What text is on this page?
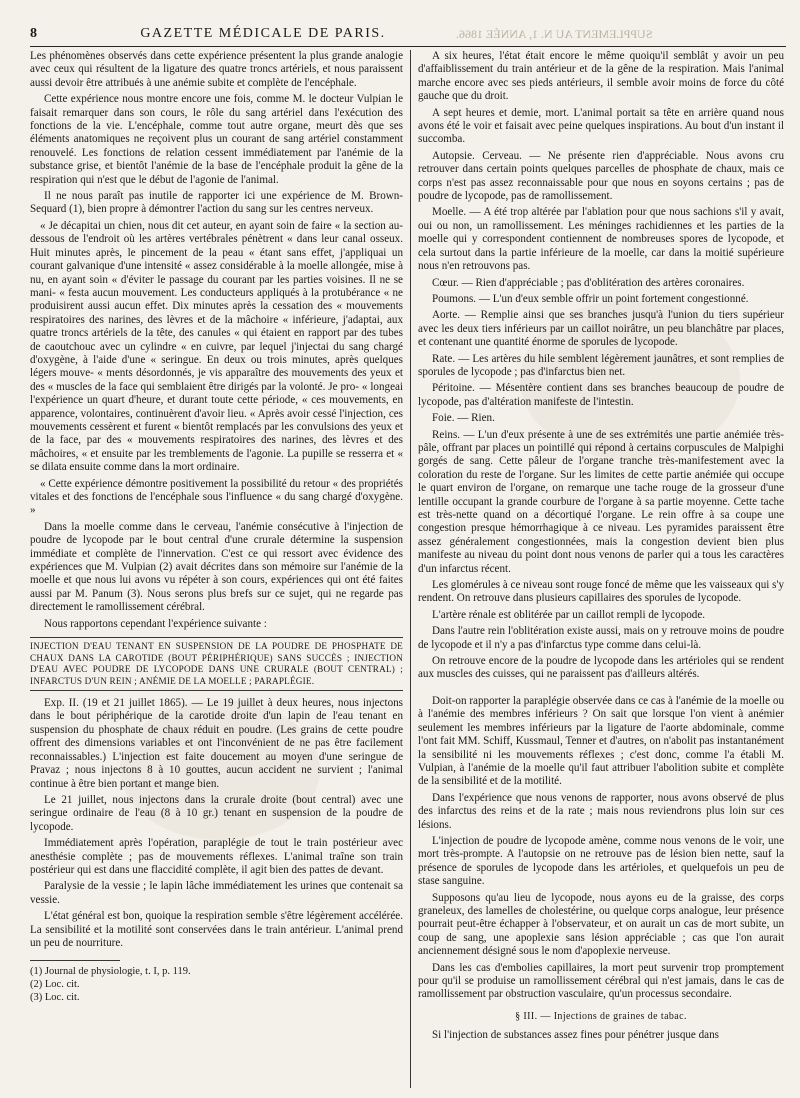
8	GAZETTE MÉDICALE DE PARIS.	SUPPLEMENT AU N. 1, ANNÉE 1866.

Les phénomènes observés dans cette expérience présentent la plus grande analogie avec ceux qui résultent de la ligature des quatre troncs artériels, et nous paraissent aussi devoir être attribués à une anémie subite et complète de l'encéphale.

Cette expérience nous montre encore une fois, comme M. le docteur Vulpian le faisait remarquer dans son cours, le rôle du sang artériel dans l'exécution des fonctions de la vie. L'encéphale, comme tout autre organe, meurt dès que ses éléments anatomiques ne reçoivent plus un courant de sang artériel constamment renouvelé. Les fonctions de relation cessent immédiatement par l'anémie de la substance grise, et bientôt l'anémie de la base de l'encéphale produit la gêne de la respiration qui n'est que le début de l'agonie de l'animal.

Il ne nous paraît pas inutile de rapporter ici une expérience de M. Brown-Sequard (1), bien propre à démontrer l'action du sang sur les centres nerveux.

« Je décapitai un chien, nous dit cet auteur, en ayant soin de faire « la section au-dessous de l'endroit où les artères vertébrales pénètrent « dans leur canal osseux. Huit minutes après, le pincement de la peau « étant sans effet, j'appliquai un courant galvanique d'une intensité « assez considérable à la moelle allongée, mise à nu, en ayant soin « d'éviter le passage du courant par les parties voisines. Il ne se mani- « festa aucun mouvement. Les conducteurs appliqués à la protubérance « ne produisirent aussi aucun effet. Dix minutes après la cessation des « mouvements respiratoires des narines, des lèvres et de la mâchoire « inférieure, j'adaptai, aux quatre troncs artériels de la tête, des canules « qui étaient en rapport par des tubes de caoutchouc avec un cylindre « en cuivre, par lequel j'injectai du sang chargé d'oxygène, à l'aide d'une « seringue. En deux ou trois minutes, après quelques légers mouve- « ments désordonnés, je vis apparaître des mouvements des yeux et des « muscles de la face qui semblaient être dirigés par la volonté. Je pro- « longeai l'expérience un quart d'heure, et durant toute cette période, « ces mouvements, en apparence, volontaires, continuèrent d'avoir lieu. « Après avoir cessé l'injection, ces mouvements cessèrent et furent « bientôt remplacés par les convulsions des yeux et de la face, par des « mouvements respiratoires des narines, des lèvres et des mâchoires, « et ensuite par les tremblements de l'agonie. La pupille se resserra et « se dilata ensuite comme dans la mort ordinaire.

« Cette expérience démontre positivement la possibilité du retour « des propriétés vitales et des fonctions de l'encéphale sous l'influence « du sang chargé d'oxygène. »

Dans la moelle comme dans le cerveau, l'anémie consécutive à l'injection de poudre de lycopode par le bout central d'une crurale détermine la suspension immédiate et complète de l'innervation. C'est ce qui ressort avec évidence des expériences que M. Vulpian (2) avait décrites dans son mémoire sur l'anémie de la moelle et que nous lui avons vu répéter à son cours, expériences qui ont été faites aussi par M. Panum (3). Nous serons plus brefs sur ce sujet, qui ne regarde pas directement le ramollissement cérébral.

Nous rapportons cependant l'expérience suivante :

INJECTION D'EAU TENANT EN SUSPENSION DE LA POUDRE DE PHOSPHATE DE CHAUX DANS LA CAROTIDE (BOUT PÉRIPHÉRIQUE) SANS SUCCÈS ; INJECTION D'EAU AVEC POUDRE DE LYCOPODE DANS UNE CRURALE (BOUT CENTRAL) ; INFARCTUS D'UN REIN ; ANÉMIE DE LA MOELLE ; PARAPLÉGIE.

Exp. II. (19 et 21 juillet 1865). — Le 19 juillet à deux heures, nous injectons dans le bout périphérique de la carotide droite d'un lapin de l'eau tenant en suspension du phosphate de chaux réduit en poudre. (Les grains de cette poudre offrent des dimensions variables et ont l'inconvénient de ne pas être facilement reconnaissables.) L'injection est faite doucement au moyen d'une seringue de Pravaz ; nous injectons 8 à 10 gouttes, aucun accident ne survient ; l'animal continue à être bien portant et mange bien.

Le 21 juillet, nous injectons dans la crurale droite (bout central) avec une seringue ordinaire de l'eau (8 à 10 gr.) tenant en suspension de la poudre de lycopode.

Immédiatement après l'opération, paraplégie de tout le train postérieur avec anesthésie complète ; pas de mouvements réflexes. L'animal traîne son train postérieur qui est dans une flaccidité complète, il agit bien des pattes de devant.

Paralysie de la vessie ; le lapin lâche immédiatement les urines que contenait sa vessie.

L'état général est bon, quoique la respiration semble s'être légèrement accélérée. La sensibilité et la motilité sont conservées dans le train antérieur. L'animal prend un peu de nourriture.

(1) Journal de physiologie, t. I, p. 119.
(2) Loc. cit.
(3) Loc. cit.

A six heures, l'état était encore le même quoiqu'il semblât y avoir un peu d'affaiblissement du train antérieur et de la gêne de la respiration. Mais l'animal marche encore avec ses pieds antérieurs, il semble avoir moins de force du côté gauche que du droit.

A sept heures et demie, mort. L'animal portait sa tête en arrière quand nous avons été le voir et faisait avec peine quelques inspirations. Au bout d'un instant il succomba.

Autopsie. Cerveau. — Ne présente rien d'appréciable. Nous avons cru retrouver dans certain points quelques parcelles de phosphate de chaux, mais ce corps n'est pas assez reconnaissable pour que nous en soyons certains ; pas de poudre de lycopode, pas de ramollissement.

Moelle. — A été trop altérée par l'ablation pour que nous sachions s'il y avait, oui ou non, un ramollissement. Les méninges rachidiennes et les parties de la moelle qui y correspondent contiennent de nombreuses spores de lycopode, et cela surtout dans la partie inférieure de la moelle, car dans la moitié supérieure nous n'en retrouvons pas.

Cœur. — Rien d'appréciable ; pas d'oblitération des artères coronaires.

Poumons. — L'un d'eux semble offrir un point fortement congestionné.

Aorte. — Remplie ainsi que ses branches jusqu'à l'union du tiers supérieur avec les deux tiers inférieurs par un caillot noirâtre, un peu blanchâtre par places, et contenant une quantité énorme de sporules de lycopode.

Rate. — Les artères du hile semblent légèrement jaunâtres, et sont remplies de sporules de lycopode ; pas d'infarctus bien net.

Péritoine. — Mésentère contient dans ses branches beaucoup de poudre de lycopode, pas d'altération manifeste de l'intestin.

Foie. — Rien.

Reins. — L'un d'eux présente à une de ses extrémités une partie anémiée très-pâle, offrant par places un pointillé qui répond à certains corpuscules de Malpighi gorgés de sang. Cette pâleur de l'organe tranche très-manifestement avec la coloration du reste de l'organe. Sur les limites de cette partie anémiée qui occupe le quart environ de l'organe, on remarque une tache rouge de la grosseur d'une lentille occupant la grande courbure de l'organe à sa partie moyenne. Cette tache est très-nette quand on a décortiqué l'organe. Le rein offre à sa coupe une congestion presque hémorrhagique à ce niveau. Les pyramides paraissent être assez généralement congestionnées, mais la congestion devient bien plus manifeste au niveau du point dont nous venons de parler qui a tous les caractères d'un infarctus récent.

Les glomérules à ce niveau sont rouge foncé de même que les vaisseaux qui s'y rendent. On retrouve dans plusieurs capillaires des sporules de lycopode.

L'artère rénale est oblitérée par un caillot rempli de lycopode.

Dans l'autre rein l'oblitération existe aussi, mais on y retrouve moins de poudre de lycopode et il n'y a pas d'infarctus type comme dans celui-là.

On retrouve encore de la poudre de lycopode dans les artérioles qui se rendent aux muscles des cuisses, qui ne paraissent pas d'ailleurs altérés.

Doit-on rapporter la paraplégie observée dans ce cas à l'anémie de la moelle ou à l'anémie des membres inférieurs ? On sait que lorsque l'on vient à anémier seulement les membres inférieurs par la ligature de l'aorte abdominale, comme l'ont fait MM. Schiff, Kussmaul, Tenner et d'autres, on n'abolit pas instantanément la sensibilité ni les mouvements réflexes ; c'est donc, comme l'a établi M. Vulpian, à l'anémie de la moelle qu'il faut attribuer l'abolition subite et complète de la sensibilité et de la motilité.

Dans l'expérience que nous venons de rapporter, nous avons observé de plus des infarctus des reins et de la rate ; mais nous reviendrons plus loin sur ces lésions.

L'injection de poudre de lycopode amène, comme nous venons de le voir, une mort très-prompte. A l'autopsie on ne retrouve pas de lésion bien nette, sauf la présence de sporules de lycopode dans les artérioles, et quelquefois un peu de stase sanguine.

Supposons qu'au lieu de lycopode, nous ayons eu de la graisse, des corps graneleux, des lamelles de cholestérine, ou quelque corps analogue, leur présence pourrait peut-être échapper à l'observateur, et on aurait un cas de mort subite, un coup de sang, une apoplexie sans lésion appréciable ; cas que l'on aurait anciennement désigné sous le nom d'apoplexie nerveuse.

Dans les cas d'embolies capillaires, la mort peut survenir trop promptement pour qu'il se produise un ramollissement cérébral qui n'est jamais, dans le cas de ramollissement par obstruction vasculaire, qu'un processus secondaire.

§ III. — Injections de graines de tabac.

Si l'injection de substances assez fines pour pénétrer jusque dans
